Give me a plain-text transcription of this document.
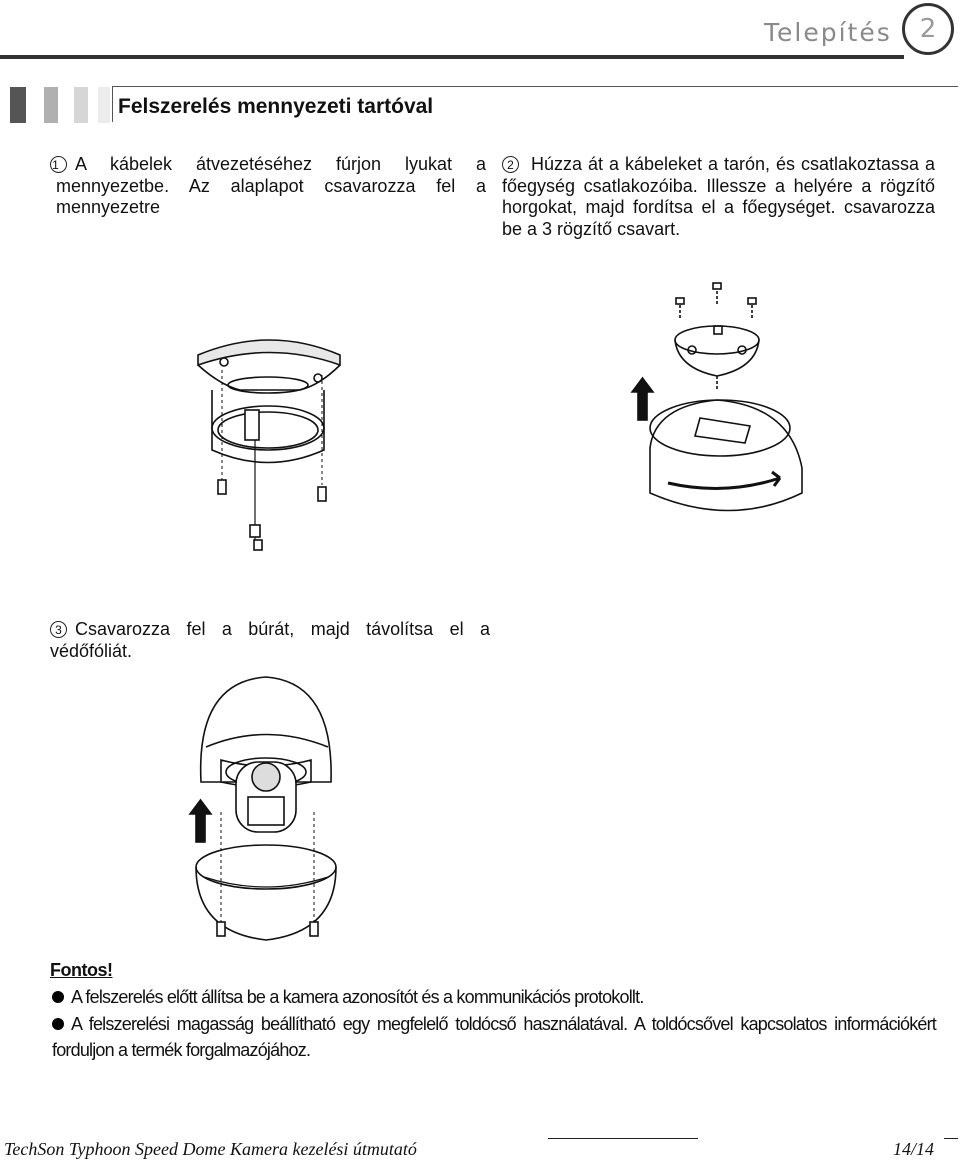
Telepítés	2
Felszerelés mennyezeti tartóval
1 A kábelek átvezetéséhez fúrjon lyukat a mennyezetbe. Az alaplapot csavarozza fel a mennyezetre
2 Húzza át a kábeleket a tarón, és csatlakoztassa a főegység csatlakozóiba. Illessze a helyére a rögzítő horgokat, majd fordítsa el a főegységet. csavarozza be a 3 rögzítő csavart.
3 Csavarozza fel a búrát, majd távolítsa el a védőfóliát.
Fontos!
A felszerelés előtt állítsa be a kamera azonosítót és a kommunikációs protokollt.
A felszerelési magasság beállítható egy megfelelő toldócső használatával. A toldócsővel kapcsolatos információkért forduljon a termék forgalmazójához.
TechSon Typhoon Speed Dome Kamera kezelési útmutató	14/14
